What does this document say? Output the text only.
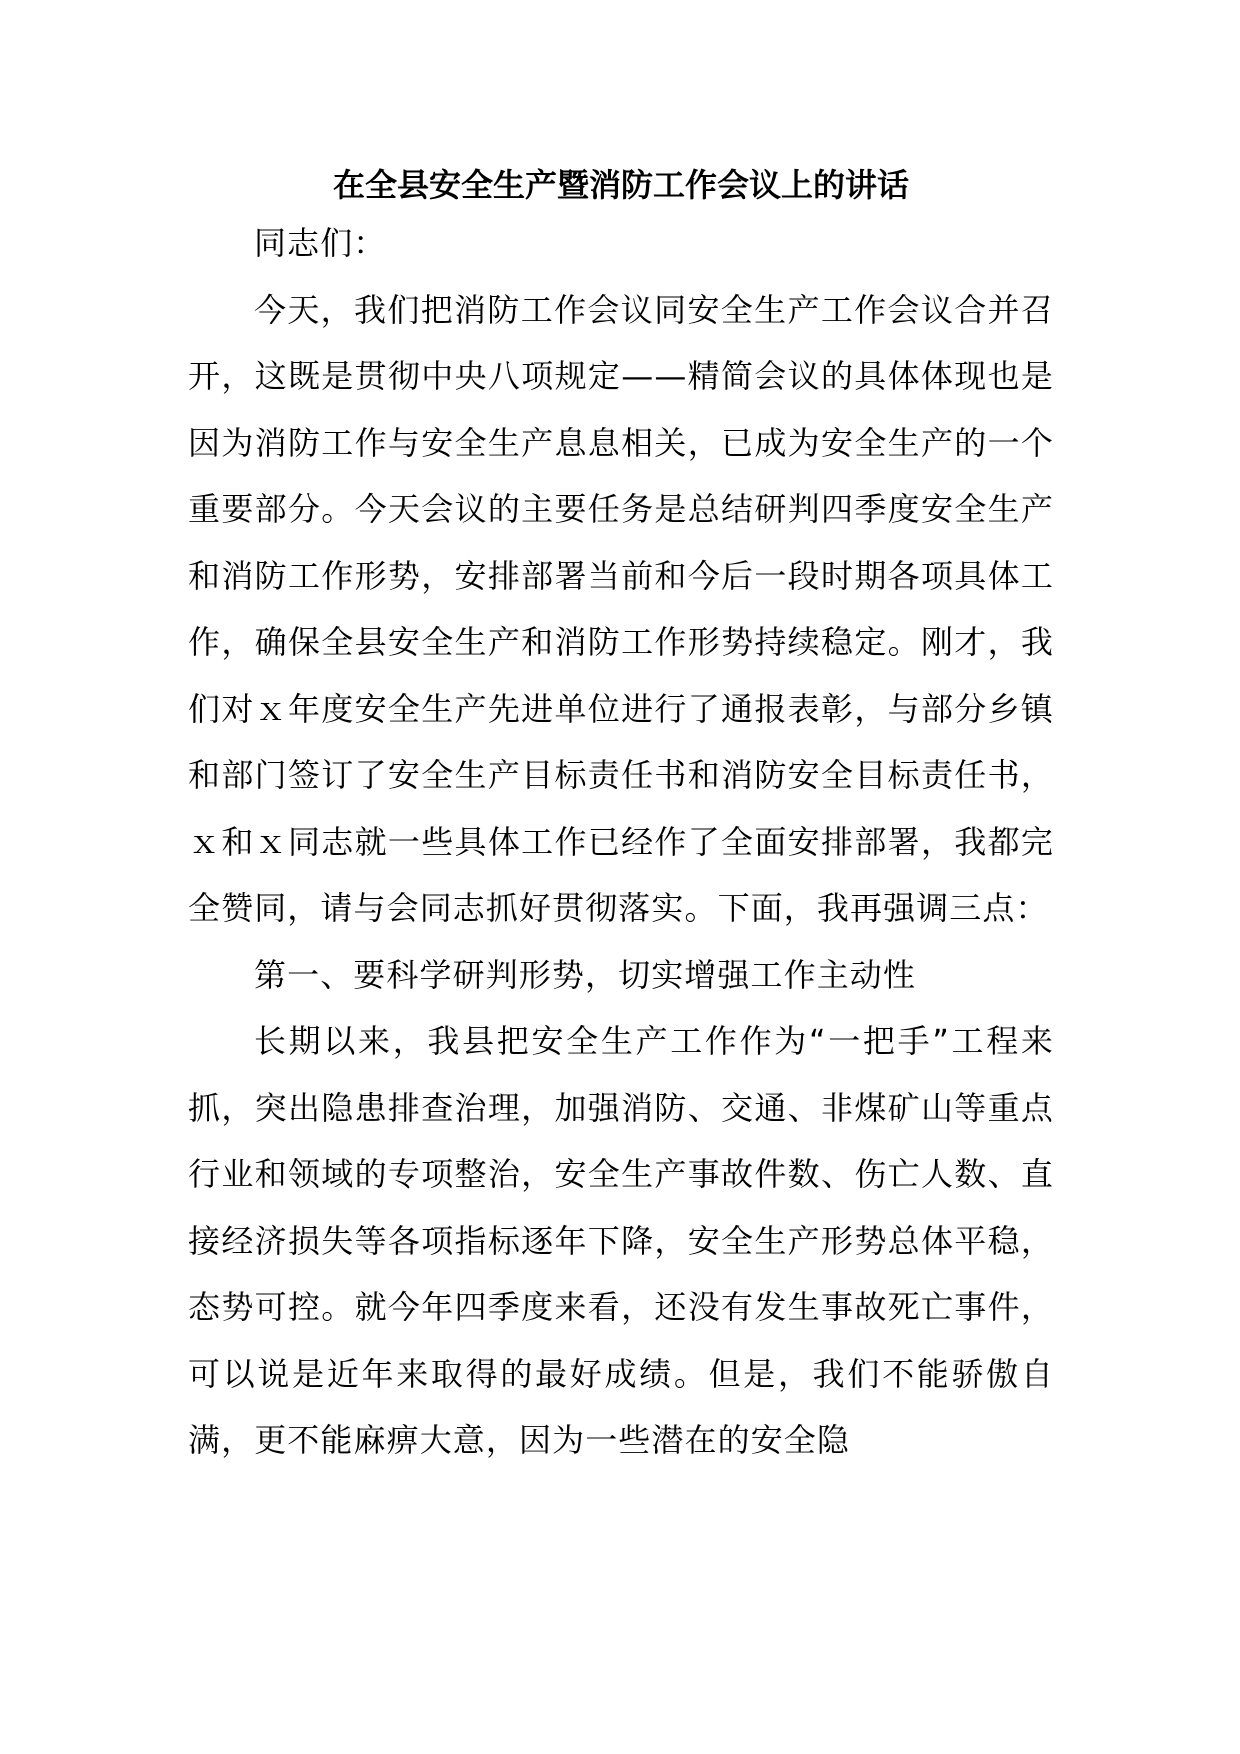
在全县安全生产暨消防工作会议上的讲话

同志们：

今天，我们把消防工作会议同安全生产工作会议合并召开，这既是贯彻中央八项规定——精简会议的具体体现也是因为消防工作与安全生产息息相关，已成为安全生产的一个重要部分。今天会议的主要任务是总结研判四季度安全生产和消防工作形势，安排部署当前和今后一段时期各项具体工作，确保全县安全生产和消防工作形势持续稳定。刚才，我们对ｘ年度安全生产先进单位进行了通报表彰，与部分乡镇和部门签订了安全生产目标责任书和消防安全目标责任书，ｘ和ｘ同志就一些具体工作已经作了全面安排部署，我都完全赞同，请与会同志抓好贯彻落实。下面，我再强调三点：

第一、要科学研判形势，切实增强工作主动性

长期以来，我县把安全生产工作作为“一把手”工程来抓，突出隐患排查治理，加强消防、交通、非煤矿山等重点行业和领域的专项整治，安全生产事故件数、伤亡人数、直接经济损失等各项指标逐年下降，安全生产形势总体平稳，态势可控。就今年四季度来看，还没有发生事故死亡事件，可以说是近年来取得的最好成绩。但是，我们不能骄傲自满，更不能麻痹大意，因为一些潜在的安全隐
